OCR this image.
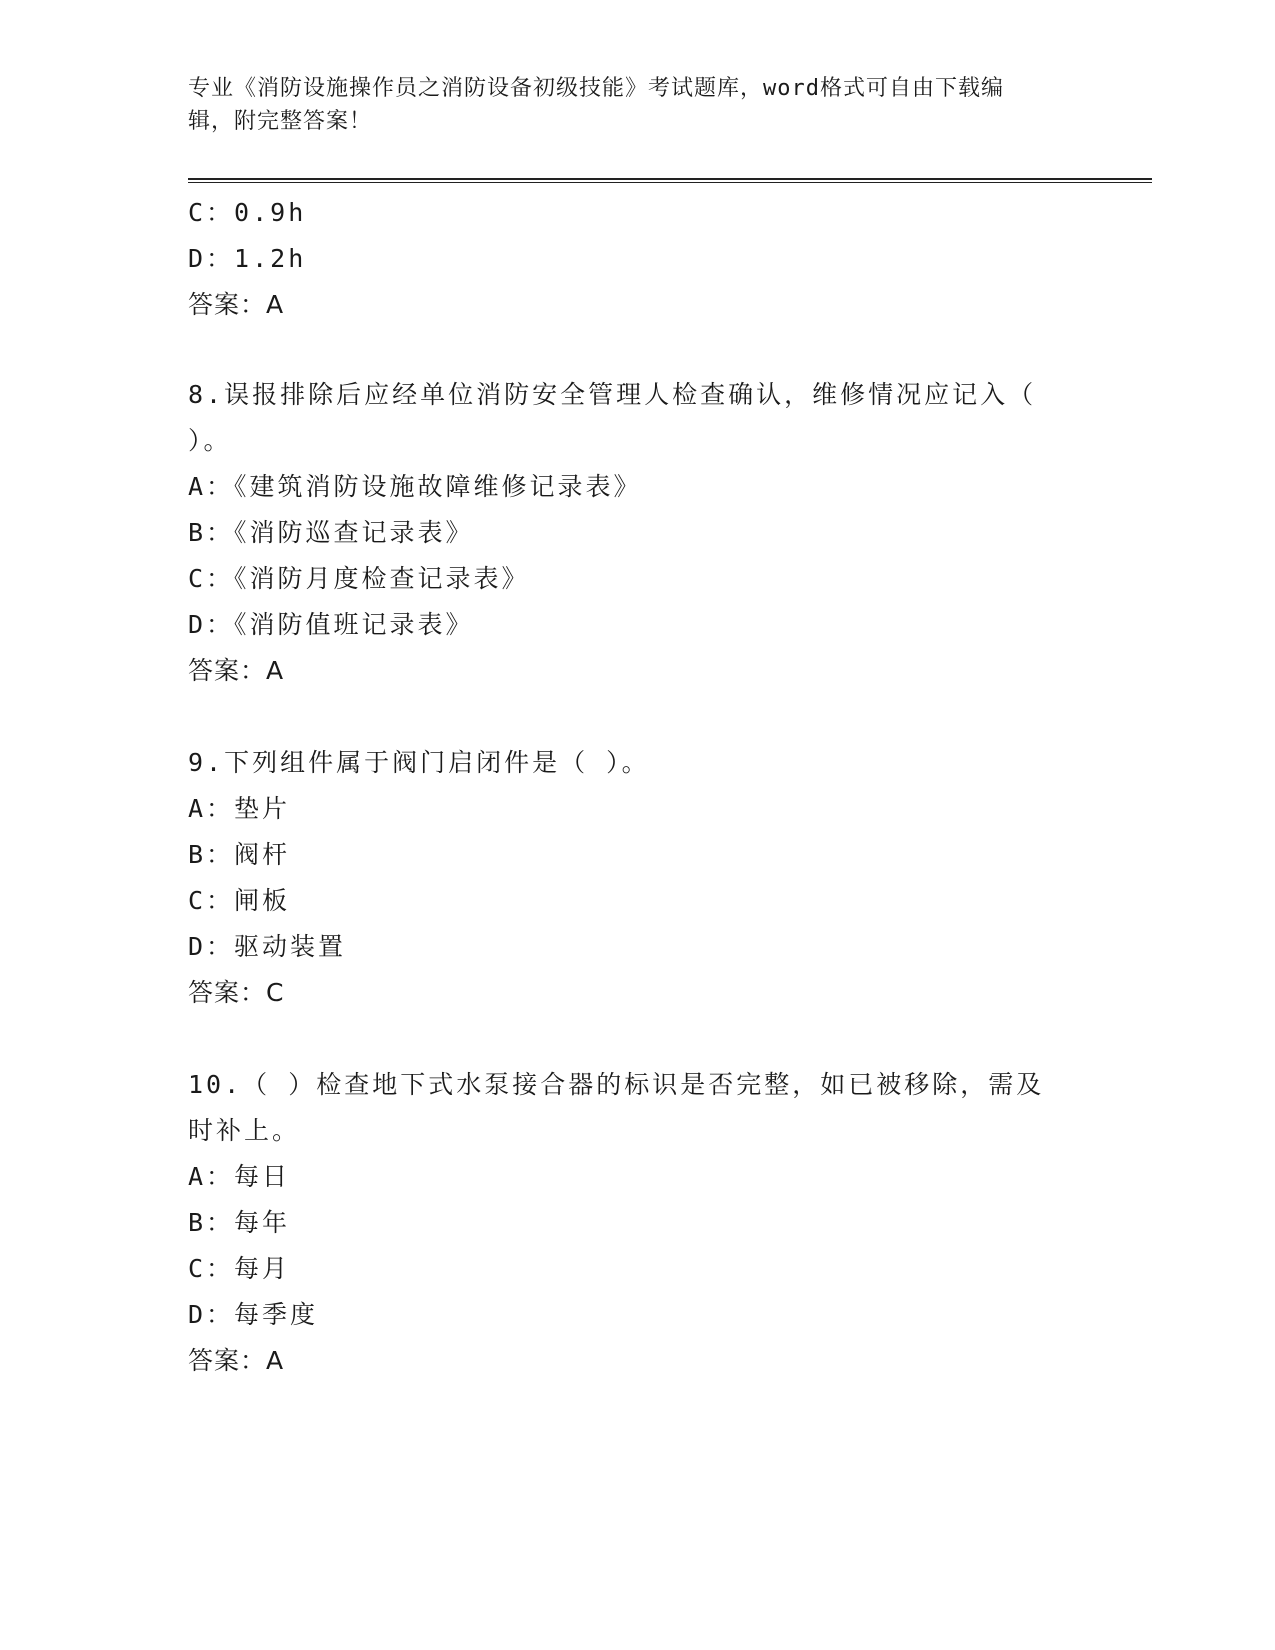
专业《消防设施操作员之消防设备初级技能》考试题库，word格式可自由下载编
辑，附完整答案！
C：0.9h
D：1.2h
答案：A
8.误报排除后应经单位消防安全管理人检查确认，维修情况应记入（
）。
A：《建筑消防设施故障维修记录表》
B：《消防巡查记录表》
C：《消防月度检查记录表》
D：《消防值班记录表》
答案：A
9.下列组件属于阀门启闭件是（ ）。
A：垫片
B：阀杆
C：闸板
D：驱动装置
答案：C
10.（ ）检查地下式水泵接合器的标识是否完整，如已被移除，需及
时补上。
A：每日
B：每年
C：每月
D：每季度
答案：A
